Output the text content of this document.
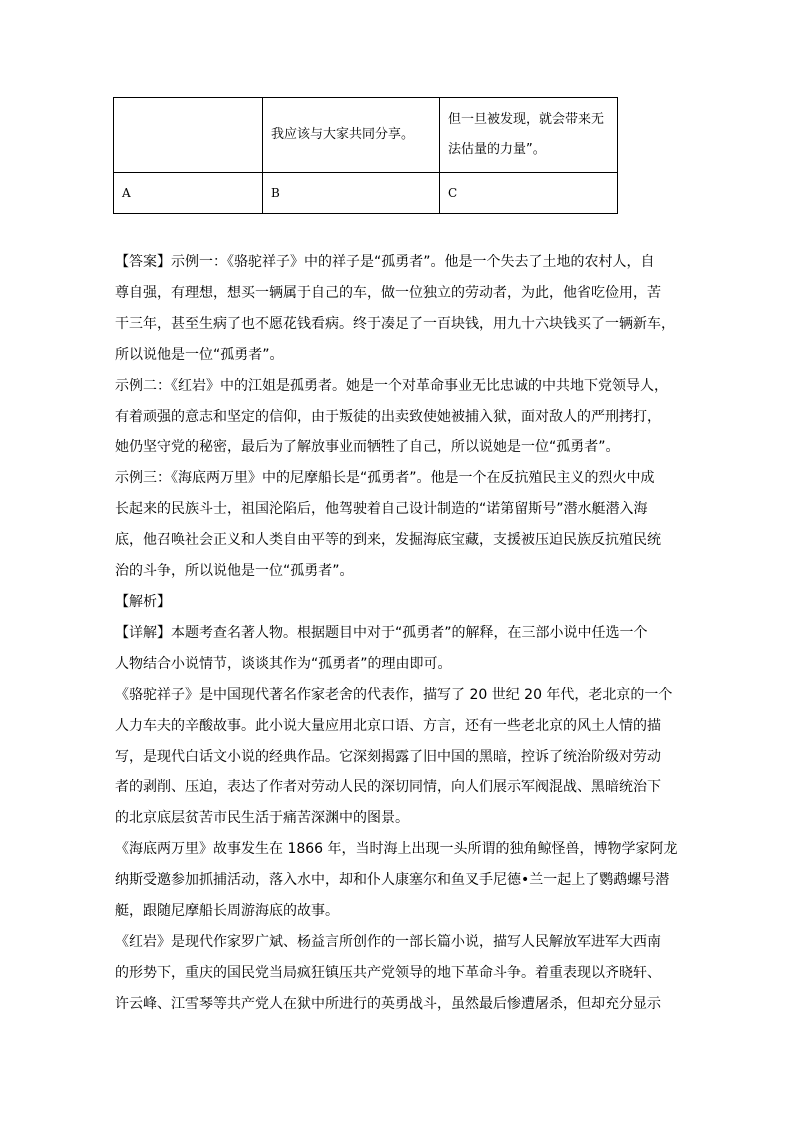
	我应该与大家共同分享。	但一旦被发现，就会带来无法估量的力量”。
A	B	C
【答案】示例一：《骆驼祥子》中的祥子是“孤勇者”。他是一个失去了土地的农村人，自
尊自强，有理想，想买一辆属于自己的车，做一位独立的劳动者，为此，他省吃俭用，苦
干三年，甚至生病了也不愿花钱看病。终于凑足了一百块钱，用九十六块钱买了一辆新车，
所以说他是一位“孤勇者”。
示例二：《红岩》中的江姐是孤勇者。她是一个对革命事业无比忠诚的中共地下党领导人，
有着顽强的意志和坚定的信仰，由于叛徒的出卖致使她被捕入狱，面对敌人的严刑拷打，
她仍坚守党的秘密，最后为了解放事业而牺牲了自己，所以说她是一位“孤勇者”。
示例三：《海底两万里》中的尼摩船长是“孤勇者”。他是一个在反抗殖民主义的烈火中成
长起来的民族斗士，祖国沦陷后，他驾驶着自己设计制造的“诺第留斯号”潜水艇潜入海
底，他召唤社会正义和人类自由平等的到来，发掘海底宝藏，支援被压迫民族反抗殖民统
治的斗争，所以说他是一位“孤勇者”。
【解析】
【详解】本题考查名著人物。根据题目中对于“孤勇者”的解释，在三部小说中任选一个
人物结合小说情节，谈谈其作为“孤勇者”的理由即可。
《骆驼祥子》是中国现代著名作家老舍的代表作，描写了 20 世纪 20 年代，老北京的一个
人力车夫的辛酸故事。此小说大量应用北京口语、方言，还有一些老北京的风土人情的描
写，是现代白话文小说的经典作品。它深刻揭露了旧中国的黑暗，控诉了统治阶级对劳动
者的剥削、压迫，表达了作者对劳动人民的深切同情，向人们展示军阀混战、黑暗统治下
的北京底层贫苦市民生活于痛苦深渊中的图景。
《海底两万里》故事发生在 1866 年，当时海上出现一头所谓的独角鲸怪兽，博物学家阿龙
纳斯受邀参加抓捕活动，落入水中，却和仆人康塞尔和鱼叉手尼德•兰一起上了鹦鹉螺号潜
艇，跟随尼摩船长周游海底的故事。
《红岩》是现代作家罗广斌、杨益言所创作的一部长篇小说，描写人民解放军进军大西南
的形势下，重庆的国民党当局疯狂镇压共产党领导的地下革命斗争。着重表现以齐晓轩、
许云峰、江雪琴等共产党人在狱中所进行的英勇战斗，虽然最后惨遭屠杀，但却充分显示
